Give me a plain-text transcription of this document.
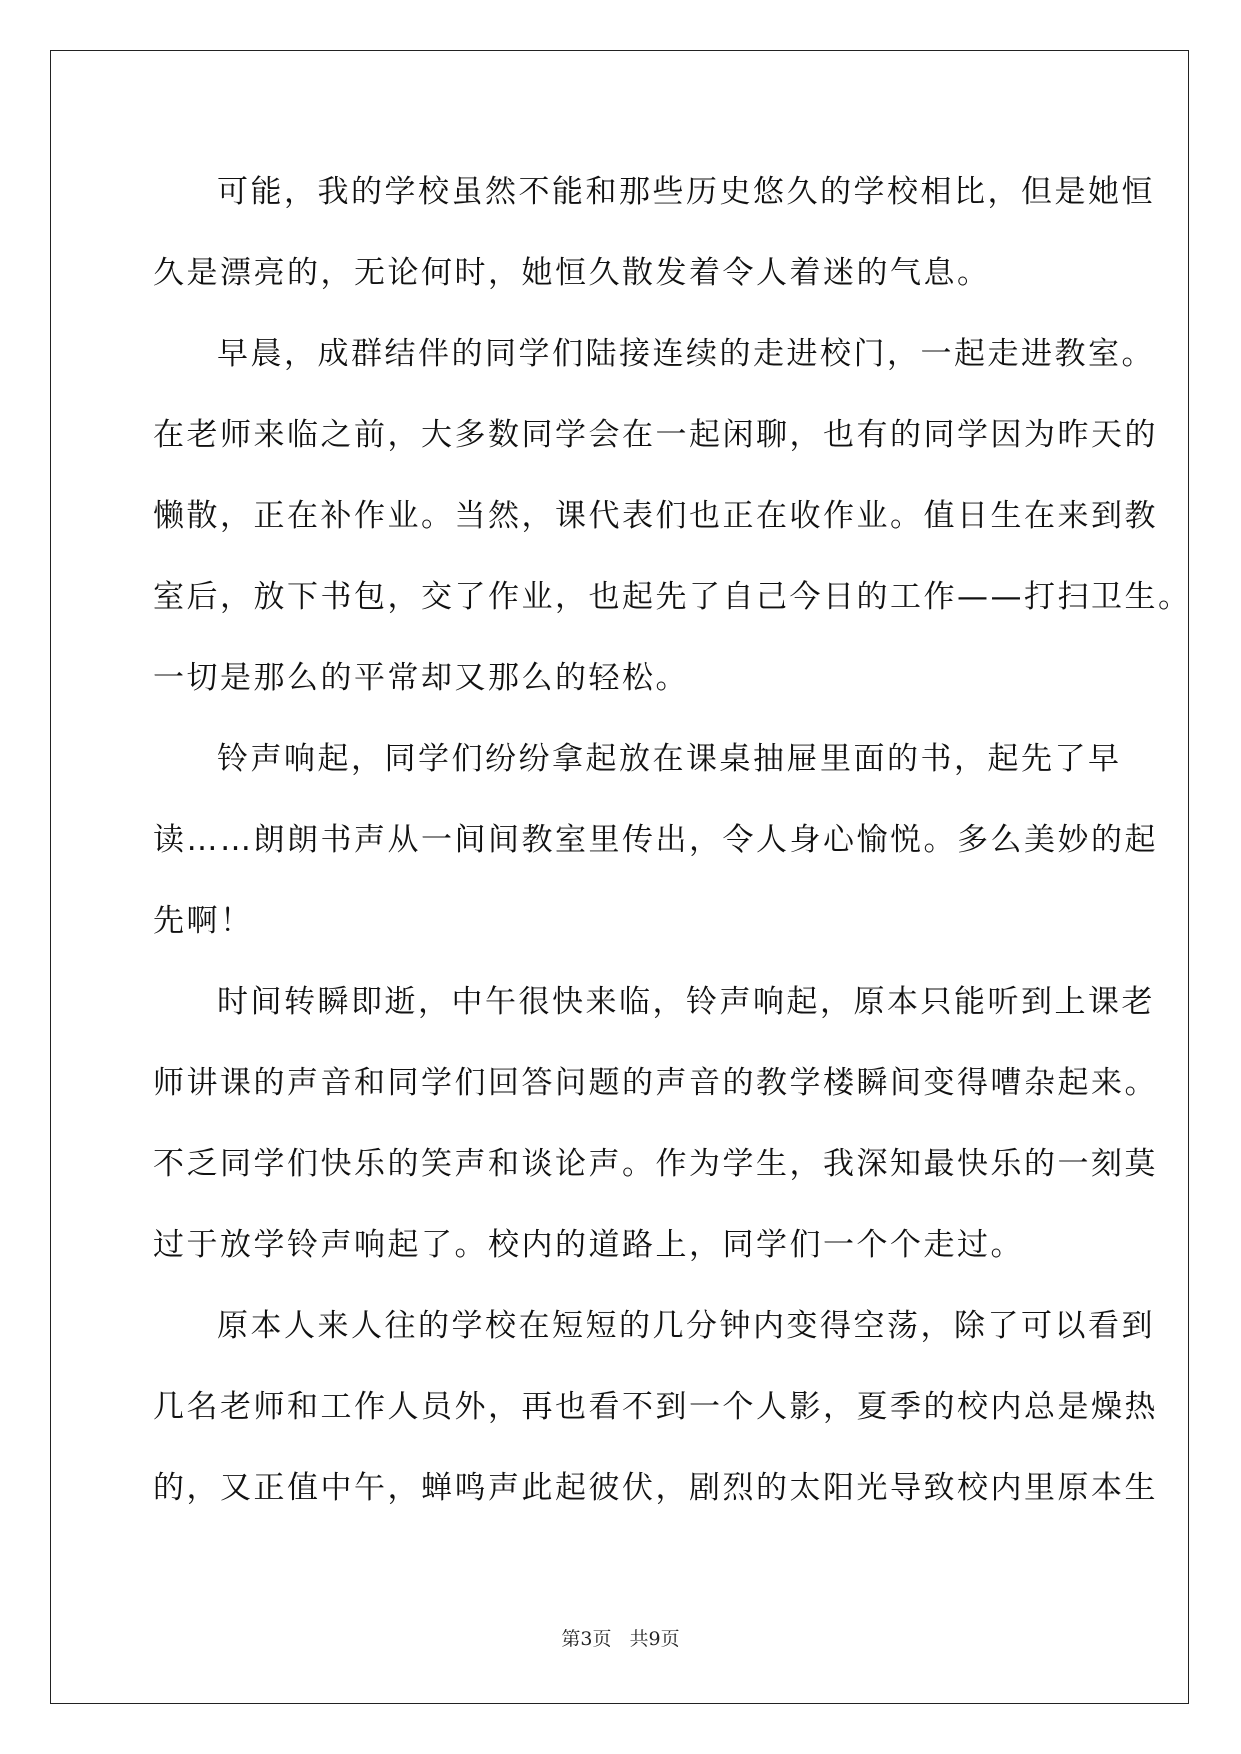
可能，我的学校虽然不能和那些历史悠久的学校相比，但是她恒

久是漂亮的，无论何时，她恒久散发着令人着迷的气息。

早晨，成群结伴的同学们陆接连续的走进校门，一起走进教室。

在老师来临之前，大多数同学会在一起闲聊，也有的同学因为昨天的

懒散，正在补作业。当然，课代表们也正在收作业。值日生在来到教

室后，放下书包，交了作业，也起先了自己今日的工作——打扫卫生。

一切是那么的平常却又那么的轻松。

铃声响起，同学们纷纷拿起放在课桌抽屉里面的书，起先了早

读……朗朗书声从一间间教室里传出，令人身心愉悦。多么美妙的起

先啊！

时间转瞬即逝，中午很快来临，铃声响起，原本只能听到上课老

师讲课的声音和同学们回答问题的声音的教学楼瞬间变得嘈杂起来。

不乏同学们快乐的笑声和谈论声。作为学生，我深知最快乐的一刻莫

过于放学铃声响起了。校内的道路上，同学们一个个走过。

原本人来人往的学校在短短的几分钟内变得空荡，除了可以看到

几名老师和工作人员外，再也看不到一个人影，夏季的校内总是燥热

的，又正值中午，蝉鸣声此起彼伏，剧烈的太阳光导致校内里原本生

第3页 共9页
